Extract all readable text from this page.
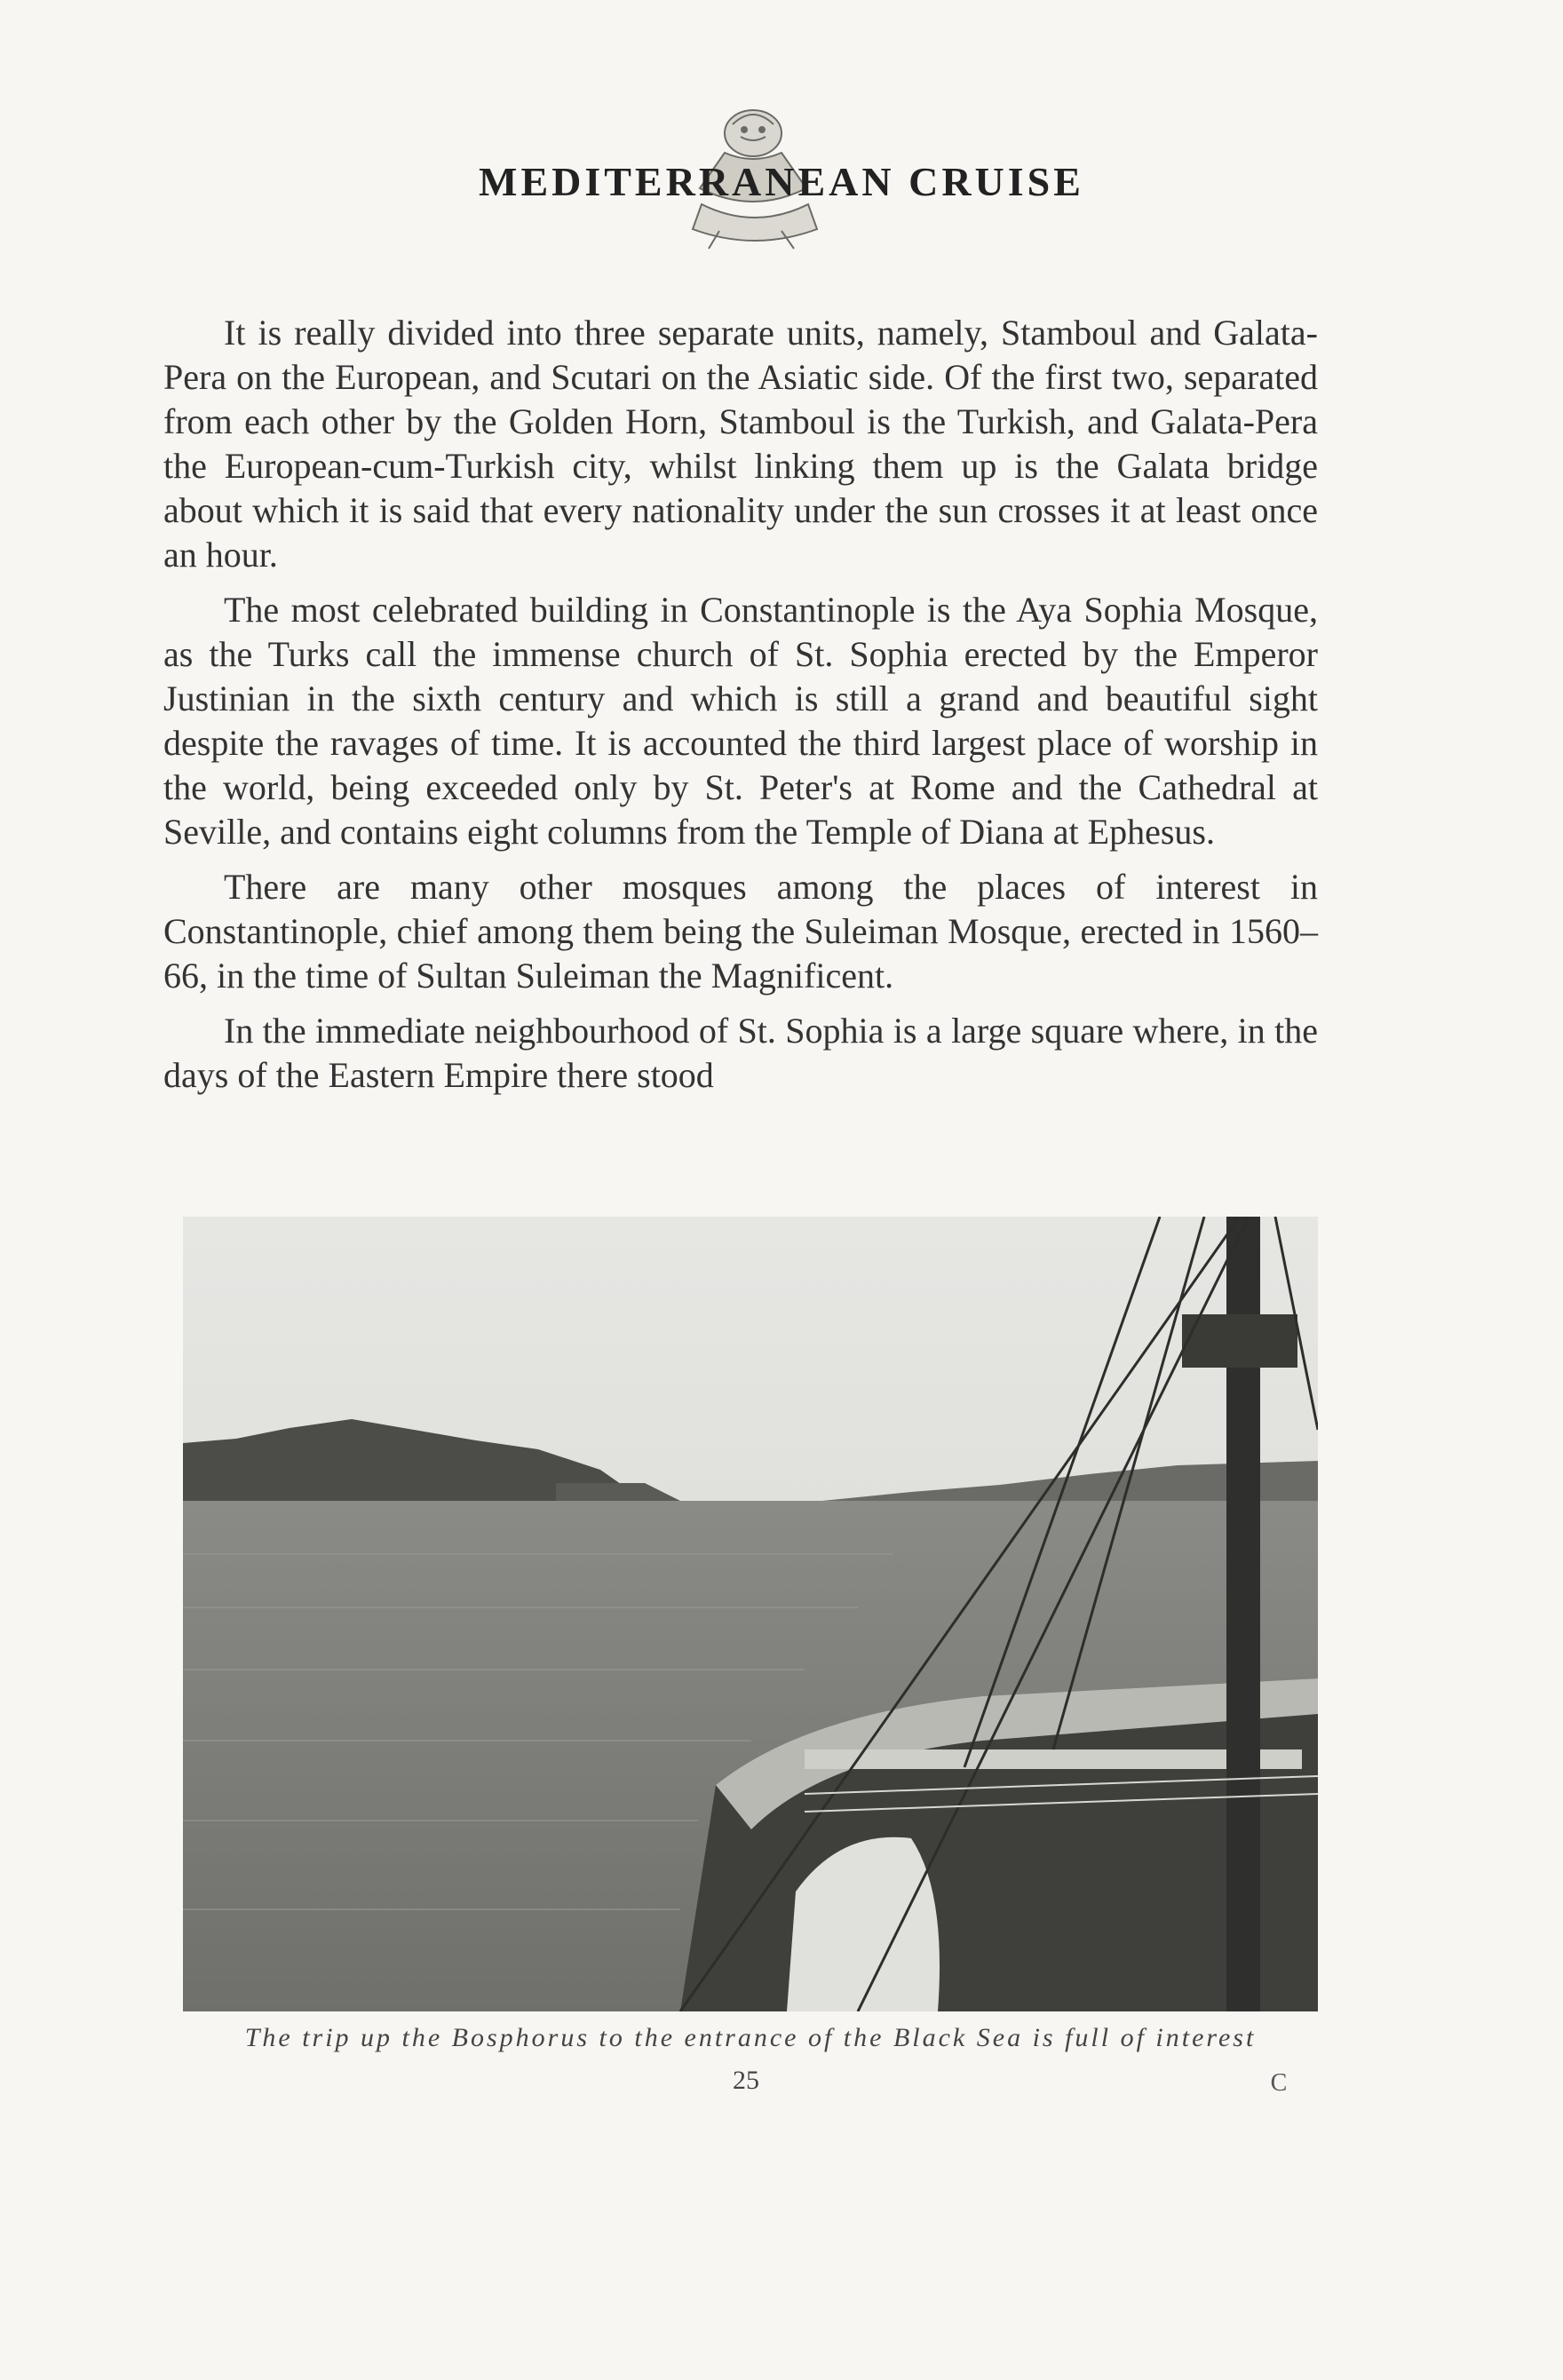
MEDITERRANEAN CRUISE

It is really divided into three separate units, namely, Stamboul and Galata-Pera on the European, and Scutari on the Asiatic side. Of the first two, separated from each other by the Golden Horn, Stamboul is the Turkish, and Galata-Pera the European-cum-Turkish city, whilst linking them up is the Galata bridge about which it is said that every nationality under the sun crosses it at least once an hour.

The most celebrated building in Constantinople is the Aya Sophia Mosque, as the Turks call the immense church of St. Sophia erected by the Emperor Justinian in the sixth century and which is still a grand and beautiful sight despite the ravages of time. It is accounted the third largest place of worship in the world, being exceeded only by St. Peter's at Rome and the Cathedral at Seville, and contains eight columns from the Temple of Diana at Ephesus.

There are many other mosques among the places of interest in Constantinople, chief among them being the Suleiman Mosque, erected in 1560–66, in the time of Sultan Suleiman the Magnificent.

In the immediate neighbourhood of St. Sophia is a large square where, in the days of the Eastern Empire there stood

The trip up the Bosphorus to the entrance of the Black Sea is full of interest
25	C
